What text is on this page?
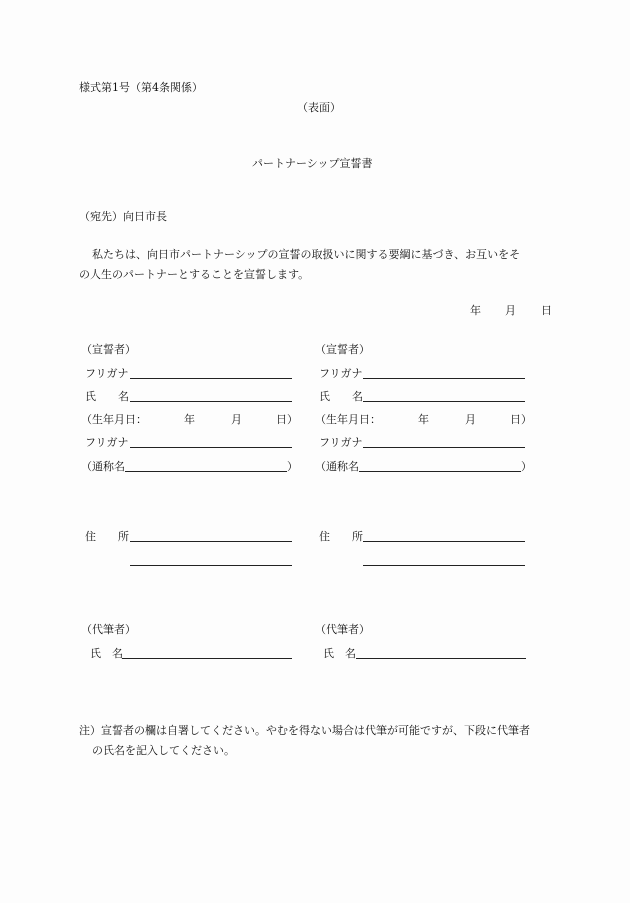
様式第1号（第4条関係）
（表面）
パートナーシップ宣誓書
（宛先）向日市長
私たちは、向日市パートナーシップの宣誓の取扱いに関する要綱に基づき、お互いをそ
の人生のパートナーとすることを宣誓します。
年 月 日
（宣誓者）
フリガナ
氏　　名
（生年月日：	年	月	日）
フリガナ
（通称名	）
住　　所
（宣誓者）
フリガナ
氏　　名
（生年月日：	年	月	日）
フリガナ
（通称名	）
住　　所
（代筆者）
氏　名
（代筆者）
氏　名
注）宣誓者の欄は自署してください。やむを得ない場合は代筆が可能ですが、下段に代筆者
の氏名を記入してください。
